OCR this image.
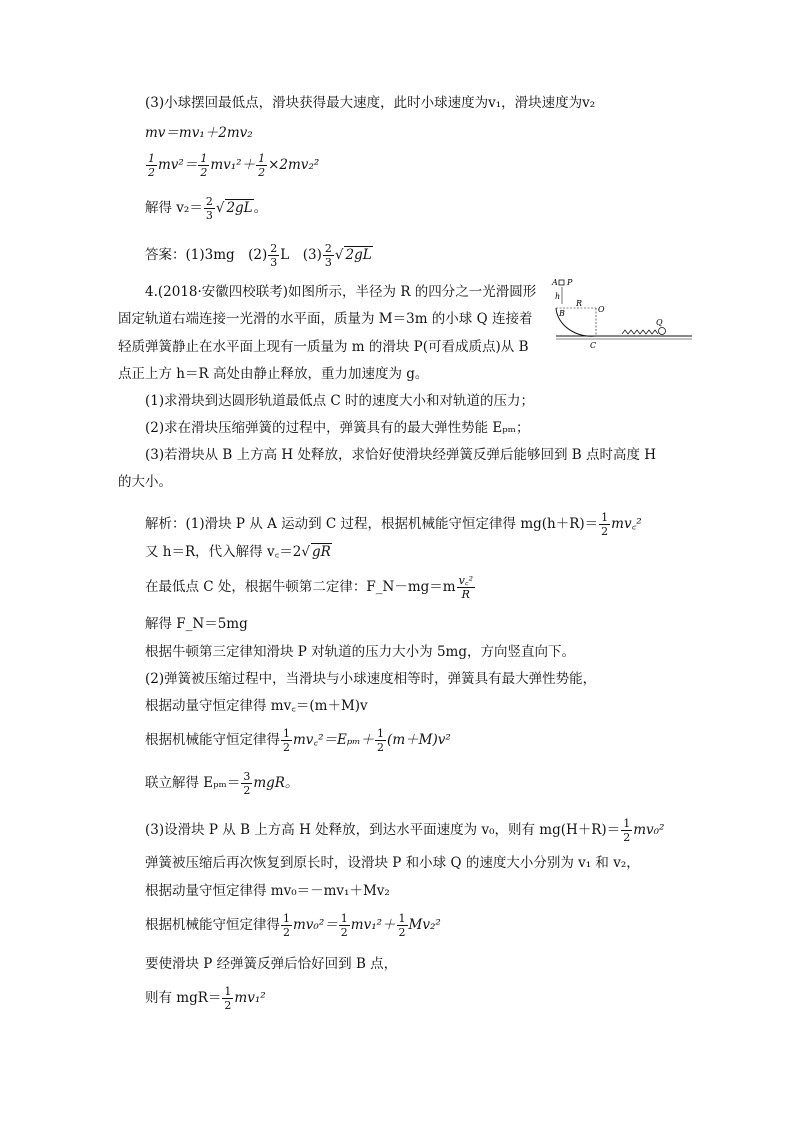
(3)小球摆回最低点，滑块获得最大速度，此时小球速度为v₁，滑块速度为v₂
mv＝mv₁＋2mv₂
$\frac{1}{2} mv^2= \frac{1}{2} mv_1^2+ \frac{1}{2} \times 2mv_2^2$
解得 $v_2= \frac{2}{3}$ √ 2gL。
答案：(1)3mg　$(2) \frac{2}{3}$ L　$(3) \frac{2}{3}$ √ 2gL
4.(2018·安徽四校联考)如图所示，半径为 R 的四分之一光滑圆形
固定轨道右端连接一光滑的水平面，质量为 M＝3m 的小球 Q 连接着
轻质弹簧静止在水平面上现有一质量为 m 的滑块 P(可看成质点)从 B
点正上方 h＝R 高处由静止释放，重力加速度为 g。
(1)求滑块到达圆形轨道最低点 C 时的速度大小和对轨道的压力；
(2)求在滑块压缩弹簧的过程中，弹簧具有的最大弹性势能 Eₚₘ；
(3)若滑块从 B 上方高 H 处释放，求恰好使滑块经弹簧反弹后能够回到 B 点时高度 H
的大小。
A P
h
R
O
B
C
Q
解析：(1)滑块 P 从 A 运动到 C 过程，根据机械能守恒定律得 $mg(h+R)= \frac{1}{2}$ mv꜀²
又 h＝R，代入解得 v꜀＝2√ gR
在最低点 C 处，根据牛顿第二定律：F_N－mg＝m $\frac{\text{v꜀²}}{R}$
解得 F_N＝5mg
根据牛顿第三定律知滑块 P 对轨道的压力大小为 5mg，方向竖直向下。
(2)弹簧被压缩过程中，当滑块与小球速度相等时，弹簧具有最大弹性势能，
根据动量守恒定律得 mv꜀＝(m＋M)v
根据机械能守恒定律得 $\frac{1}{2}$ mv꜀²＝Eₚₘ＋ $\frac{1}{2} (m+M)v^2$
联立解得 $E_{pm}= \frac{3}{2}$ mgR。
(3)设滑块 P 从 B 上方高 H 处释放，到达水平面速度为 v₀，则有 $mg(H+R)= \frac{1}{2} mv_0^2$
弹簧被压缩后再次恢复到原长时，设滑块 P 和小球 Q 的速度大小分别为 v₁ 和 v₂，
根据动量守恒定律得 mv₀＝－mv₁＋Mv₂
根据机械能守恒定律得 $\frac{1}{2} mv_0^2= \frac{1}{2} mv_1^2+ \frac{1}{2} Mv_2^2$
要使滑块 P 经弹簧反弹后恰好回到 B 点，
则有 $mgR= \frac{1}{2} mv_1^2$
